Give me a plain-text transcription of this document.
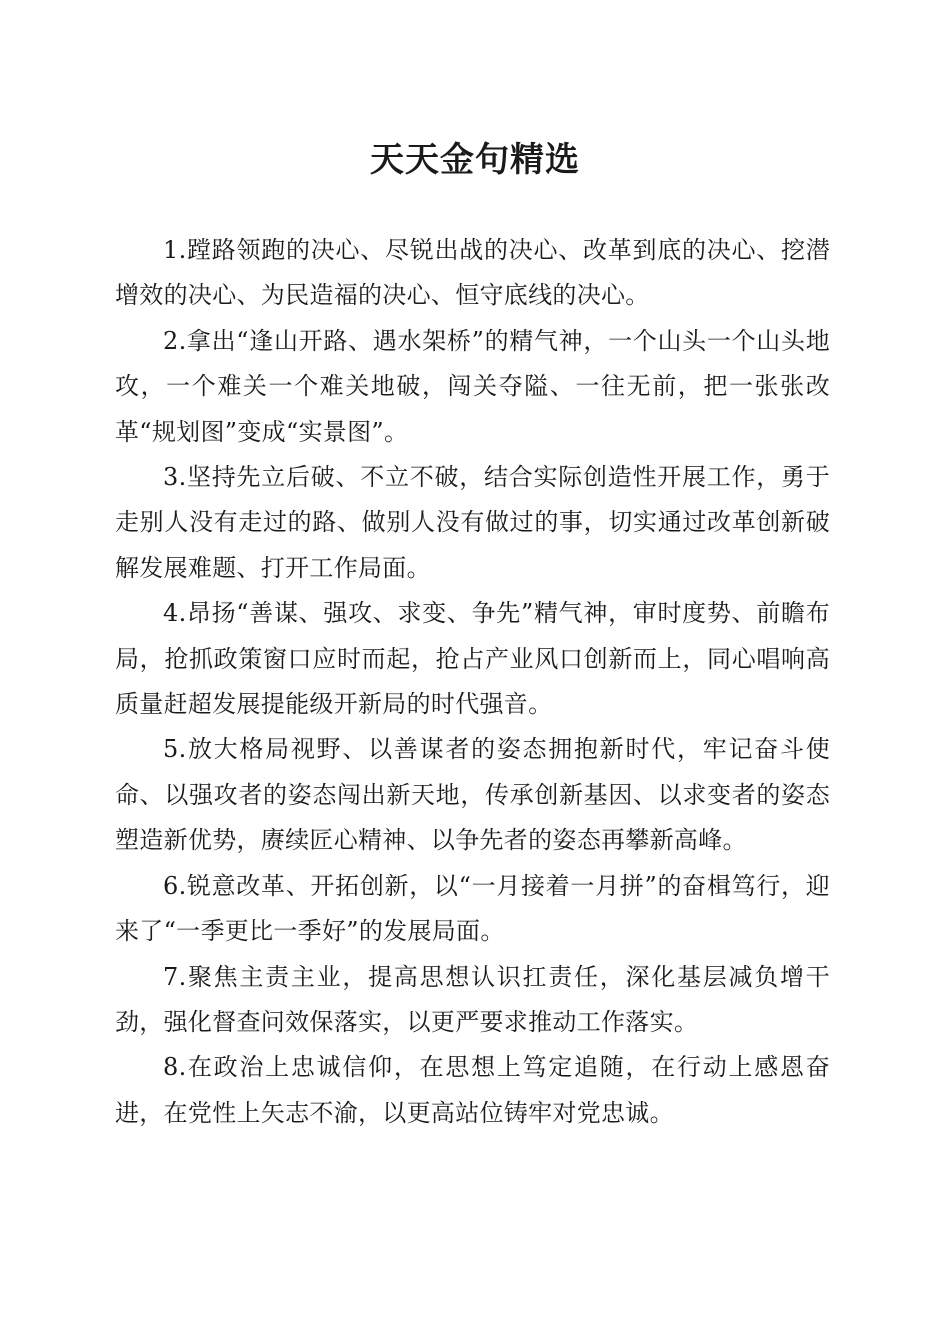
天天金句精选

1.蹚路领跑的决心、尽锐出战的决心、改革到底的决心、挖潜增效的决心、为民造福的决心、恒守底线的决心。

2.拿出“逢山开路、遇水架桥”的精气神，一个山头一个山头地攻，一个难关一个难关地破，闯关夺隘、一往无前，把一张张改革“规划图”变成“实景图”。

3.坚持先立后破、不立不破，结合实际创造性开展工作，勇于走别人没有走过的路、做别人没有做过的事，切实通过改革创新破解发展难题、打开工作局面。

4.昂扬“善谋、强攻、求变、争先”精气神，审时度势、前瞻布局，抢抓政策窗口应时而起，抢占产业风口创新而上，同心唱响高质量赶超发展提能级开新局的时代强音。

5.放大格局视野、以善谋者的姿态拥抱新时代，牢记奋斗使命、以强攻者的姿态闯出新天地，传承创新基因、以求变者的姿态塑造新优势，赓续匠心精神、以争先者的姿态再攀新高峰。

6.锐意改革、开拓创新，以“一月接着一月拼”的奋楫笃行，迎来了“一季更比一季好”的发展局面。

7.聚焦主责主业，提高思想认识扛责任，深化基层减负增干劲，强化督查问效保落实，以更严要求推动工作落实。

8.在政治上忠诚信仰，在思想上笃定追随，在行动上感恩奋进，在党性上矢志不渝，以更高站位铸牢对党忠诚。
